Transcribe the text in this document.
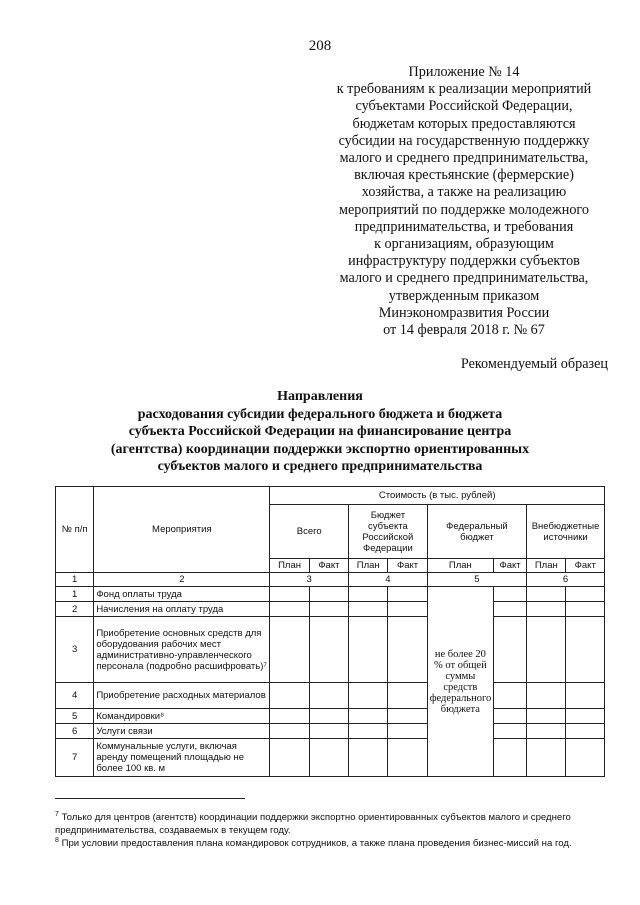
208
Приложение № 14
к требованиям к реализации мероприятий
субъектами Российской Федерации,
бюджетам которых предоставляются
субсидии на государственную поддержку
малого и среднего предпринимательства,
включая крестьянские (фермерские)
хозяйства, а также на реализацию
мероприятий по поддержке молодежного
предпринимательства, и требования
к организациям, образующим
инфраструктуру поддержки субъектов
малого и среднего предпринимательства,
утвержденным приказом
Минэкономразвития России
от 14 февраля 2018 г. № 67
Рекомендуемый образец
Направления
расходования субсидии федерального бюджета и бюджета
субъекта Российской Федерации на финансирование центра
(агентства) координации поддержки экспортно ориентированных
субъектов малого и среднего предпринимательства
№ п/п	Мероприятия	Стоимость (в тыс. рублей)							
		Всего		Бюджет субъекта Российской Федерации		Федеральный бюджет		Внебюджетные источники	
		План	Факт	План	Факт	План	Факт	План	Факт
1	2	3		4		5		6	
1	Фонд оплаты труда					не более 20 % от общей суммы средств федерального бюджета			
2	Начисления на оплату труда								
3	Приобретение основных средств для оборудования рабочих мест административно-управленческого персонала (подробно расшифровать)⁷								
4	Приобретение расходных материалов								
5	Командировки⁸								
6	Услуги связи								
7	Коммунальные услуги, включая аренду помещений площадью не более 100 кв. м								
$^7$ Только для центров (агентств) координации поддержки экспортно ориентированных субъектов малого и среднего предпринимательства, создаваемых в текущем году.
$^8$ При условии предоставления плана командировок сотрудников, а также плана проведения бизнес-миссий на год.
